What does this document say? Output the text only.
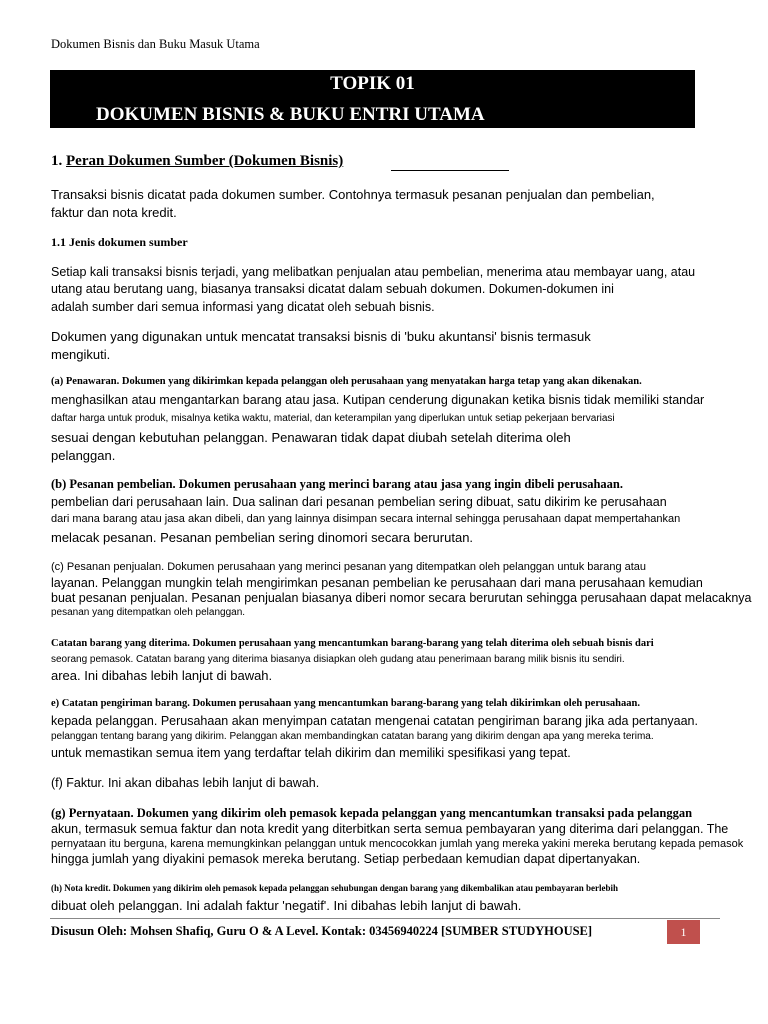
Dokumen Bisnis dan Buku Masuk Utama
TOPIK 01
DOKUMEN BISNIS & BUKU ENTRI UTAMA
1. Peran Dokumen Sumber (Dokumen Bisnis)
Transaksi bisnis dicatat pada dokumen sumber. Contohnya termasuk pesanan penjualan dan pembelian,
faktur dan nota kredit.
1.1 Jenis dokumen sumber
Setiap kali transaksi bisnis terjadi, yang melibatkan penjualan atau pembelian, menerima atau membayar uang, atau
utang atau berutang uang, biasanya transaksi dicatat dalam sebuah dokumen. Dokumen-dokumen ini
adalah sumber dari semua informasi yang dicatat oleh sebuah bisnis.
Dokumen yang digunakan untuk mencatat transaksi bisnis di 'buku akuntansi' bisnis termasuk
mengikuti.
(a) Penawaran. Dokumen yang dikirimkan kepada pelanggan oleh perusahaan yang menyatakan harga tetap yang akan dikenakan.
menghasilkan atau mengantarkan barang atau jasa. Kutipan cenderung digunakan ketika bisnis tidak memiliki standar
daftar harga untuk produk, misalnya ketika waktu, material, dan keterampilan yang diperlukan untuk setiap pekerjaan bervariasi
sesuai dengan kebutuhan pelanggan. Penawaran tidak dapat diubah setelah diterima oleh
pelanggan.
(b) Pesanan pembelian. Dokumen perusahaan yang merinci barang atau jasa yang ingin dibeli perusahaan.
pembelian dari perusahaan lain. Dua salinan dari pesanan pembelian sering dibuat, satu dikirim ke perusahaan
dari mana barang atau jasa akan dibeli, dan yang lainnya disimpan secara internal sehingga perusahaan dapat mempertahankan
melacak pesanan. Pesanan pembelian sering dinomori secara berurutan.
(c) Pesanan penjualan. Dokumen perusahaan yang merinci pesanan yang ditempatkan oleh pelanggan untuk barang atau
layanan. Pelanggan mungkin telah mengirimkan pesanan pembelian ke perusahaan dari mana perusahaan kemudian
buat pesanan penjualan. Pesanan penjualan biasanya diberi nomor secara berurutan sehingga perusahaan dapat melacaknya
pesanan yang ditempatkan oleh pelanggan.
Catatan barang yang diterima. Dokumen perusahaan yang mencantumkan barang-barang yang telah diterima oleh sebuah bisnis dari
seorang pemasok. Catatan barang yang diterima biasanya disiapkan oleh gudang atau penerimaan barang milik bisnis itu sendiri.
area. Ini dibahas lebih lanjut di bawah.
e) Catatan pengiriman barang. Dokumen perusahaan yang mencantumkan barang-barang yang telah dikirimkan oleh perusahaan.
kepada pelanggan. Perusahaan akan menyimpan catatan mengenai catatan pengiriman barang jika ada pertanyaan.
pelanggan tentang barang yang dikirim. Pelanggan akan membandingkan catatan barang yang dikirim dengan apa yang mereka terima.
untuk memastikan semua item yang terdaftar telah dikirim dan memiliki spesifikasi yang tepat.
(f) Faktur. Ini akan dibahas lebih lanjut di bawah.
(g) Pernyataan. Dokumen yang dikirim oleh pemasok kepada pelanggan yang mencantumkan transaksi pada pelanggan
akun, termasuk semua faktur dan nota kredit yang diterbitkan serta semua pembayaran yang diterima dari pelanggan. The
pernyataan itu berguna, karena memungkinkan pelanggan untuk mencocokkan jumlah yang mereka yakini mereka berutang kepada pemasok
hingga jumlah yang diyakini pemasok mereka berutang. Setiap perbedaan kemudian dapat dipertanyakan.
(h) Nota kredit. Dokumen yang dikirim oleh pemasok kepada pelanggan sehubungan dengan barang yang dikembalikan atau pembayaran berlebih
dibuat oleh pelanggan. Ini adalah faktur 'negatif'. Ini dibahas lebih lanjut di bawah.
Disusun Oleh: Mohsen Shafiq, Guru O & A Level. Kontak: 03456940224 [SUMBER STUDYHOUSE]	1
